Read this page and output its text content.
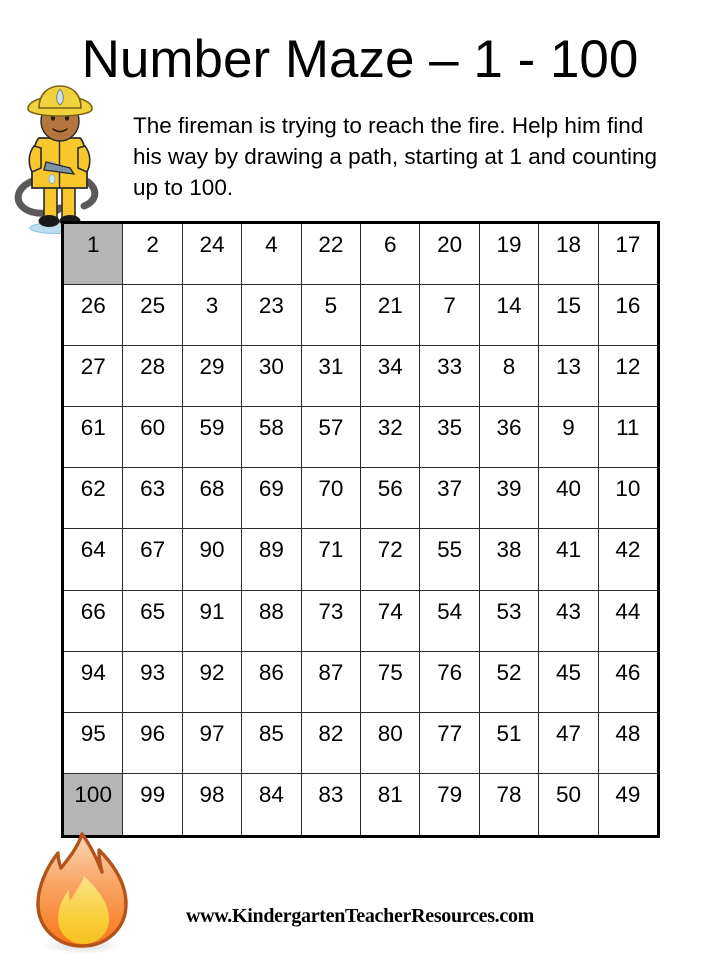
Number Maze – 1 - 100
The fireman is trying to reach the fire. Help him find his way by drawing a path, starting at 1 and counting up to 100.
1	2	24	4	22	6	20	19	18	17
26	25	3	23	5	21	7	14	15	16
27	28	29	30	31	34	33	8	13	12
61	60	59	58	57	32	35	36	9	11
62	63	68	69	70	56	37	39	40	10
64	67	90	89	71	72	55	38	41	42
66	65	91	88	73	74	54	53	43	44
94	93	92	86	87	75	76	52	45	46
95	96	97	85	82	80	77	51	47	48
100	99	98	84	83	81	79	78	50	49
www.KindergartenTeacherResources.com
